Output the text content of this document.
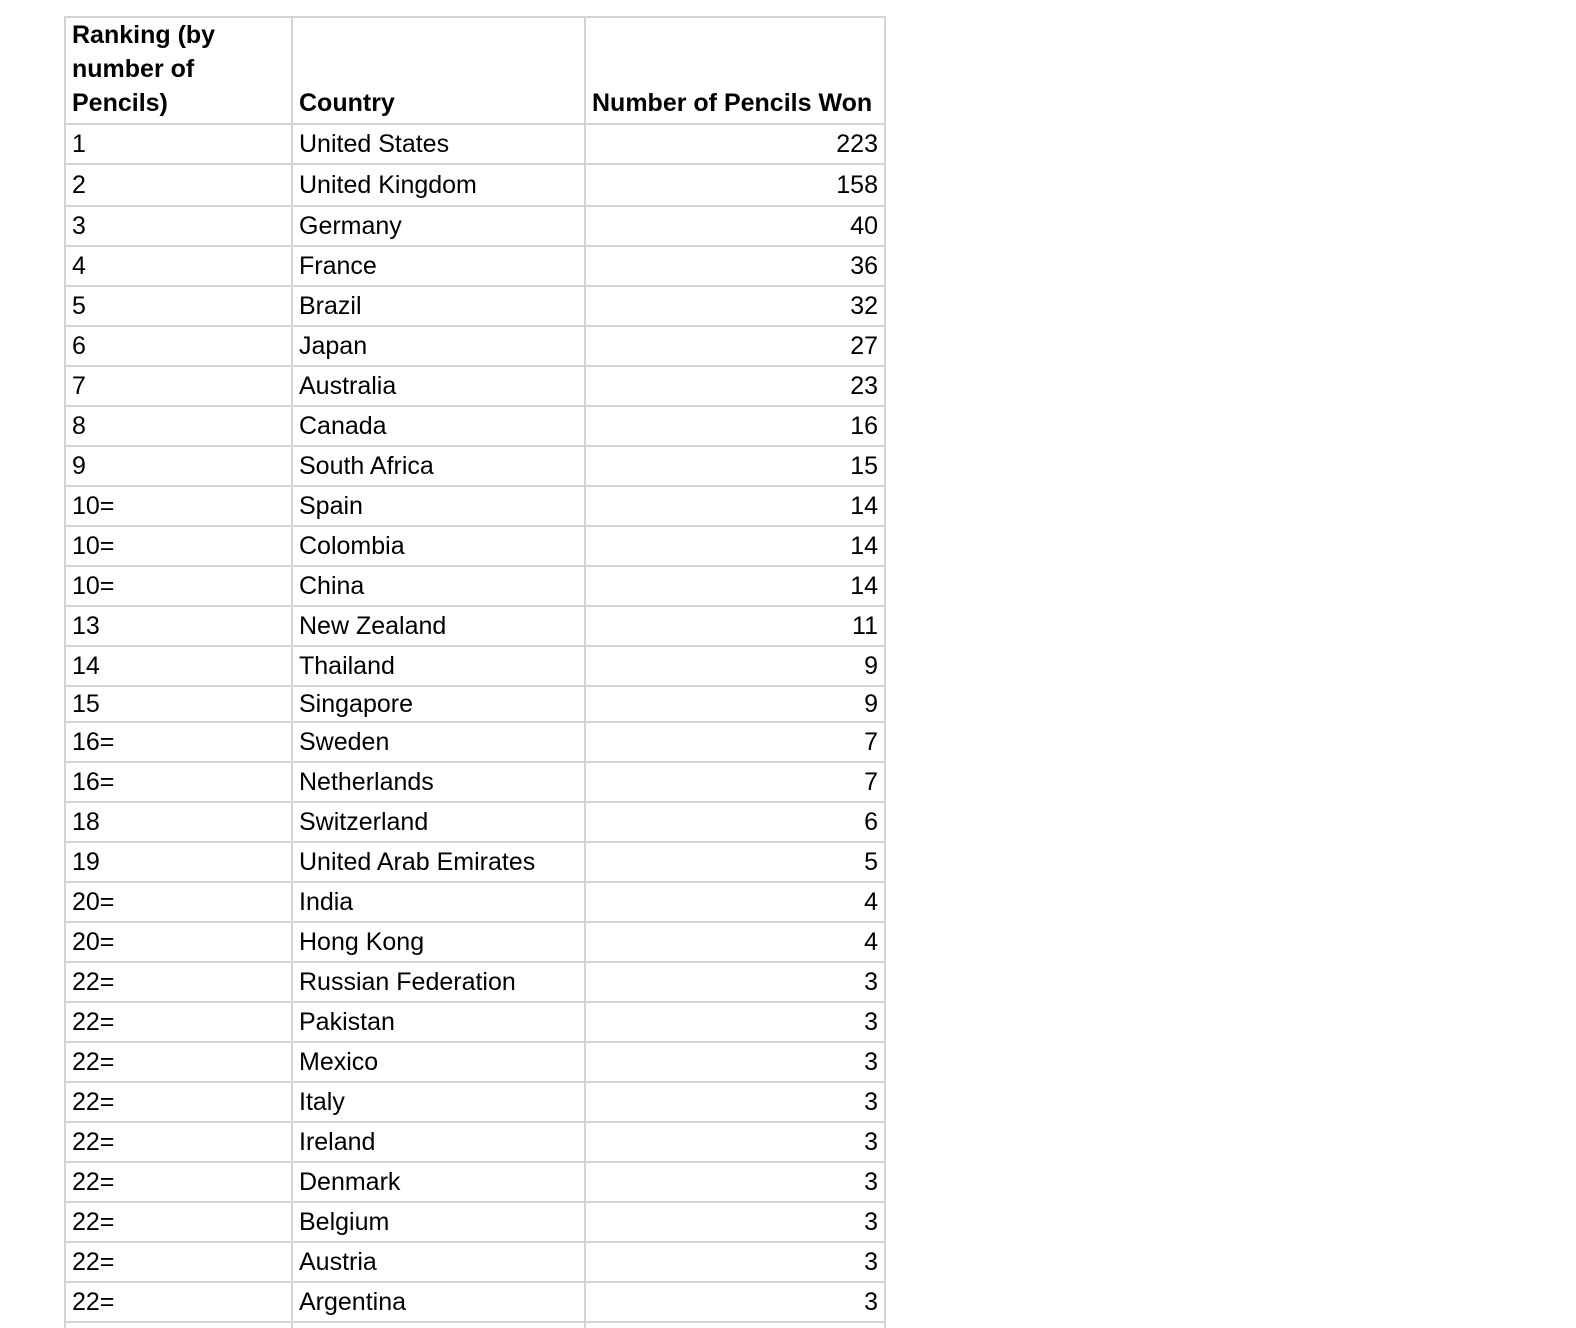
Ranking (by number of Pencils)	Country	Number of Pencils Won
1	United States	223
2	United Kingdom	158
3	Germany	40
4	France	36
5	Brazil	32
6	Japan	27
7	Australia	23
8	Canada	16
9	South Africa	15
10=	Spain	14
10=	Colombia	14
10=	China	14
13	New Zealand	11
14	Thailand	9
15	Singapore	9
16=	Sweden	7
16=	Netherlands	7
18	Switzerland	6
19	United Arab Emirates	5
20=	India	4
20=	Hong Kong	4
22=	Russian Federation	3
22=	Pakistan	3
22=	Mexico	3
22=	Italy	3
22=	Ireland	3
22=	Denmark	3
22=	Belgium	3
22=	Austria	3
22=	Argentina	3
